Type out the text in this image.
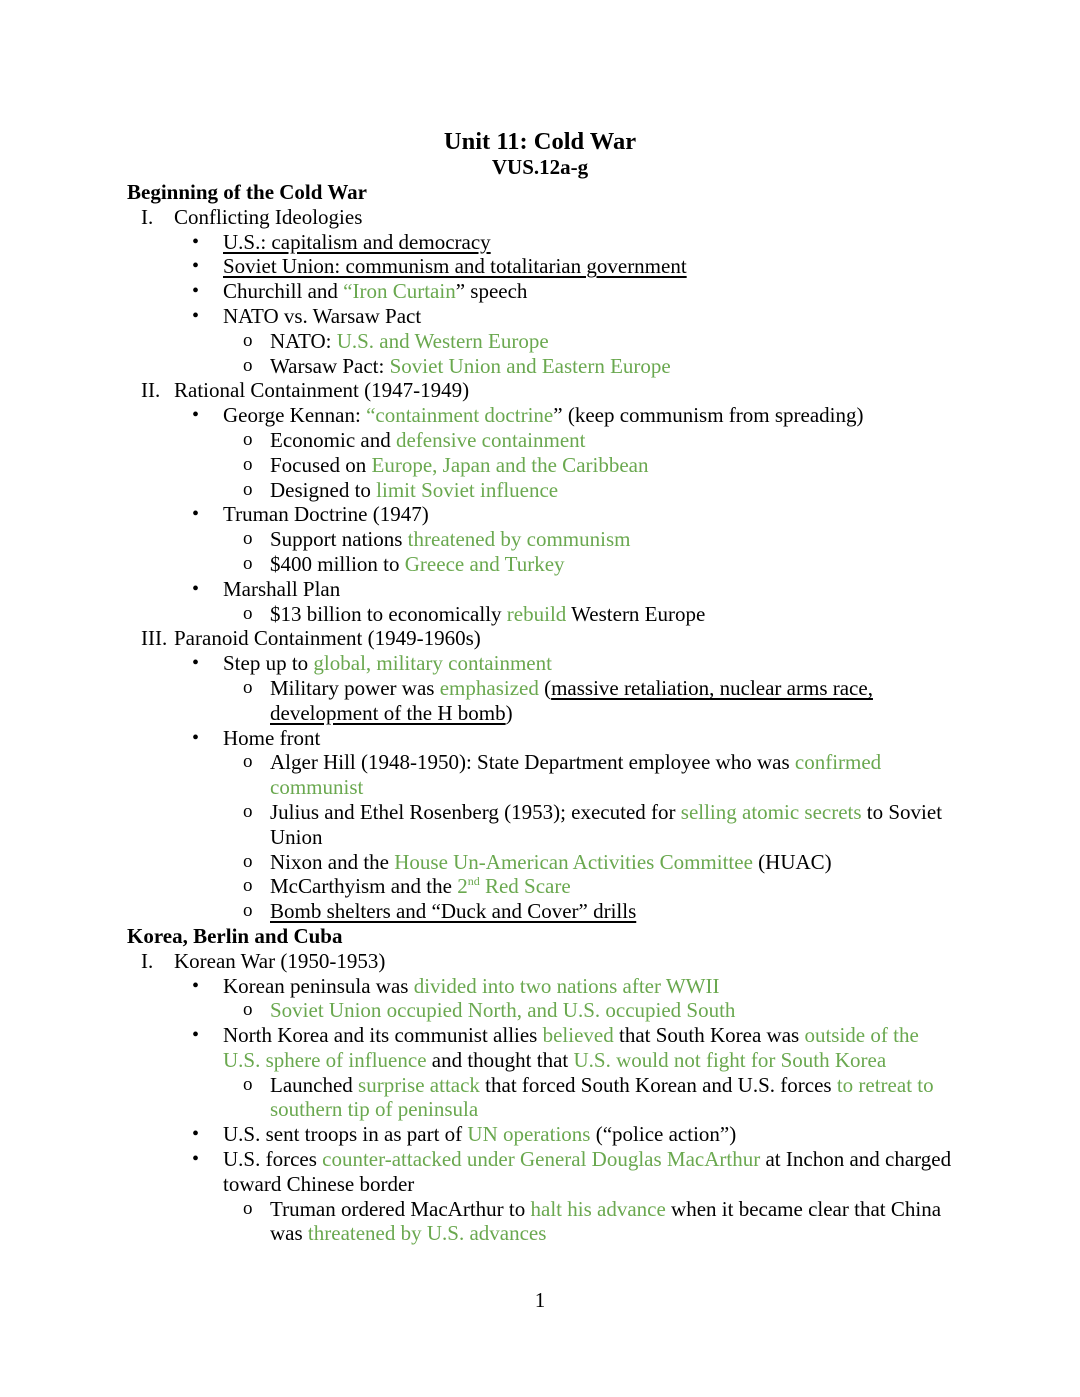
Unit 11: Cold War
VUS.12a-g
Beginning of the Cold War
I. Conflicting Ideologies
• U.S.: capitalism and democracy
• Soviet Union: communism and totalitarian government
• Churchill and “Iron Curtain” speech
• NATO vs. Warsaw Pact
o NATO: U.S. and Western Europe
o Warsaw Pact: Soviet Union and Eastern Europe
II. Rational Containment (1947-1949)
• George Kennan: “containment doctrine” (keep communism from spreading)
o Economic and defensive containment
o Focused on Europe, Japan and the Caribbean
o Designed to limit Soviet influence
• Truman Doctrine (1947)
o Support nations threatened by communism
o $400 million to Greece and Turkey
• Marshall Plan
o $13 billion to economically rebuild Western Europe
III. Paranoid Containment (1949-1960s)
• Step up to global, military containment
o Military power was emphasized (massive retaliation, nuclear arms race, development of the H bomb)
• Home front
o Alger Hill (1948-1950): State Department employee who was confirmed communist
o Julius and Ethel Rosenberg (1953); executed for selling atomic secrets to Soviet Union
o Nixon and the House Un-American Activities Committee (HUAC)
o McCarthyism and the 2nd Red Scare
o Bomb shelters and “Duck and Cover” drills
Korea, Berlin and Cuba
I. Korean War (1950-1953)
• Korean peninsula was divided into two nations after WWII
o Soviet Union occupied North, and U.S. occupied South
• North Korea and its communist allies believed that South Korea was outside of the U.S. sphere of influence and thought that U.S. would not fight for South Korea
o Launched surprise attack that forced South Korean and U.S. forces to retreat to southern tip of peninsula
• U.S. sent troops in as part of UN operations (“police action”)
• U.S. forces counter-attacked under General Douglas MacArthur at Inchon and charged toward Chinese border
o Truman ordered MacArthur to halt his advance when it became clear that China was threatened by U.S. advances
1
